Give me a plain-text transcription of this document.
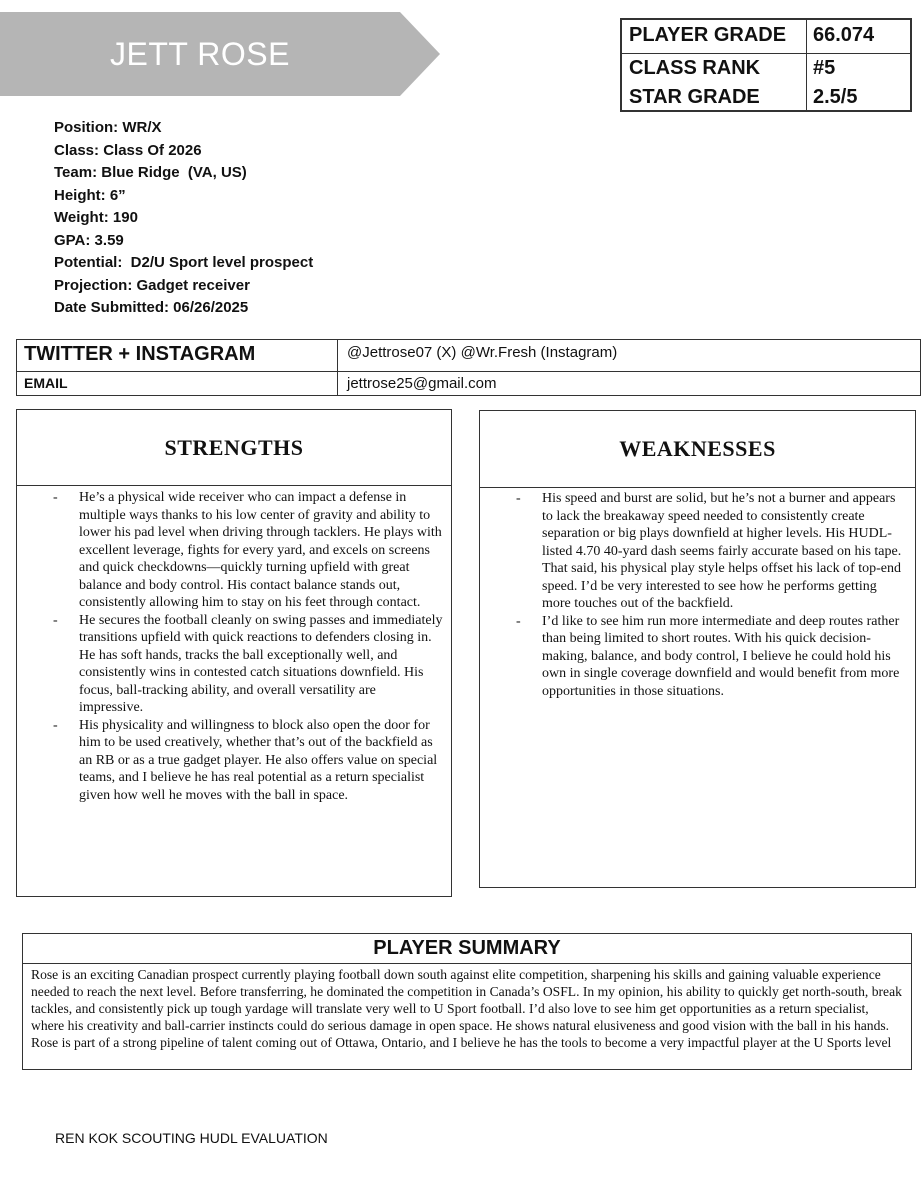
JETT ROSE
PLAYER GRADE 66.074
CLASS RANK	#5
STAR GRADE	2.5/5
Position: WR/X
Class: Class Of 2026
Team: Blue Ridge  (VA, US)
Height: 6”
Weight: 190
GPA: 3.59
Potential:  D2/U Sport level prospect
Projection: Gadget receiver
Date Submitted: 06/26/2025
TWITTER + INSTAGRAM	@Jettrose07 (X) @Wr.Fresh (Instagram)
EMAIL	jettrose25@gmail.com
STRENGTHS
- He’s a physical wide receiver who can impact a defense in multiple ways thanks to his low center of gravity and ability to lower his pad level when driving through tacklers. He plays with excellent leverage, fights for every yard, and excels on screens and quick checkdowns—quickly turning upfield with great balance and body control. His contact balance stands out, consistently allowing him to stay on his feet through contact.
- He secures the football cleanly on swing passes and immediately transitions upfield with quick reactions to defenders closing in. He has soft hands, tracks the ball exceptionally well, and consistently wins in contested catch situations downfield. His focus, ball-tracking ability, and overall versatility are impressive.
- His physicality and willingness to block also open the door for him to be used creatively, whether that’s out of the backfield as an RB or as a true gadget player. He also offers value on special teams, and I believe he has real potential as a return specialist given how well he moves with the ball in space.
WEAKNESSES
- His speed and burst are solid, but he’s not a burner and appears to lack the breakaway speed needed to consistently create separation or big plays downfield at higher levels. His HUDL-listed 4.70 40-yard dash seems fairly accurate based on his tape. That said, his physical play style helps offset his lack of top-end speed. I’d be very interested to see how he performs getting more touches out of the backfield.
- I’d like to see him run more intermediate and deep routes rather than being limited to short routes. With his quick decision-making, balance, and body control, I believe he could hold his own in single coverage downfield and would benefit from more opportunities in those situations.
PLAYER SUMMARY
Rose is an exciting Canadian prospect currently playing football down south against elite competition, sharpening his skills and gaining valuable experience needed to reach the next level. Before transferring, he dominated the competition in Canada’s OSFL. In my opinion, his ability to quickly get north-south, break tackles, and consistently pick up tough yardage will translate very well to U Sport football. I’d also love to see him get opportunities as a return specialist, where his creativity and ball-carrier instincts could do serious damage in open space. He shows natural elusiveness and good vision with the ball in his hands. Rose is part of a strong pipeline of talent coming out of Ottawa, Ontario, and I believe he has the tools to become a very impactful player at the U Sports level
REN KOK SCOUTING HUDL EVALUATION
